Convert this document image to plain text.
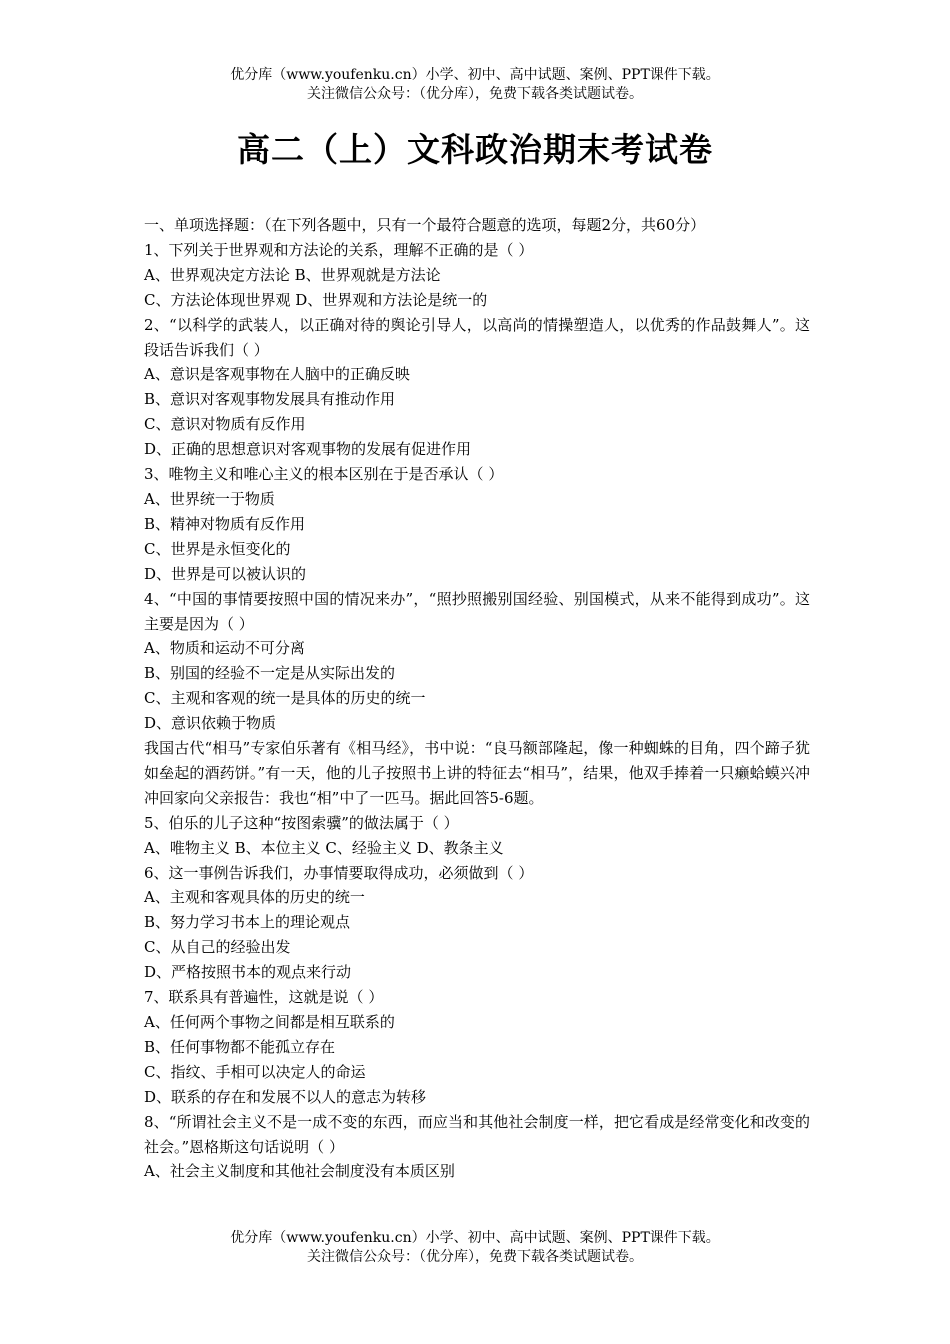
优分库（www.youfenku.cn）小学、初中、高中试题、案例、PPT课件下载。
关注微信公众号：（优分库），免费下载各类试题试卷。
高二（上）文科政治期末考试卷

一、单项选择题：（在下列各题中，只有一个最符合题意的选项，每题2分，共60分）

1、下列关于世界观和方法论的关系，理解不正确的是（ ）

A、世界观决定方法论 B、世界观就是方法论

C、方法论体现世界观 D、世界观和方法论是统一的

2、“以科学的武装人，以正确对待的舆论引导人，以高尚的情操塑造人，以优秀的作品鼓舞人”。这段话告诉我们（ ）

A、意识是客观事物在人脑中的正确反映

B、意识对客观事物发展具有推动作用

C、意识对物质有反作用

D、正确的思想意识对客观事物的发展有促进作用

3、唯物主义和唯心主义的根本区别在于是否承认（ ）

A、世界统一于物质

B、精神对物质有反作用

C、世界是永恒变化的

D、世界是可以被认识的

4、“中国的事情要按照中国的情况来办”，“照抄照搬别国经验、别国模式，从来不能得到成功”。这主要是因为（ ）

A、物质和运动不可分离

B、别国的经验不一定是从实际出发的

C、主观和客观的统一是具体的历史的统一

D、意识依赖于物质

我国古代“相马”专家伯乐著有《相马经》，书中说：“良马额部隆起，像一种蜘蛛的目角，四个蹄子犹如垒起的酒药饼。”有一天，他的儿子按照书上讲的特征去“相马”，结果，他双手捧着一只癞蛤蟆兴冲冲回家向父亲报告：我也“相”中了一匹马。据此回答5-6题。

5、伯乐的儿子这种“按图索骥”的做法属于（ ）

A、唯物主义 B、本位主义 C、经验主义 D、教条主义

6、这一事例告诉我们，办事情要取得成功，必须做到（ ）

A、主观和客观具体的历史的统一

B、努力学习书本上的理论观点

C、从自己的经验出发

D、严格按照书本的观点来行动

7、联系具有普遍性，这就是说（ ）

A、任何两个事物之间都是相互联系的

B、任何事物都不能孤立存在

C、指纹、手相可以决定人的命运

D、联系的存在和发展不以人的意志为转移

8、“所谓社会主义不是一成不变的东西，而应当和其他社会制度一样，把它看成是经常变化和改变的社会。”恩格斯这句话说明（ ）

A、社会主义制度和其他社会制度没有本质区别

优分库（www.youfenku.cn）小学、初中、高中试题、案例、PPT课件下载。
关注微信公众号：（优分库），免费下载各类试题试卷。
